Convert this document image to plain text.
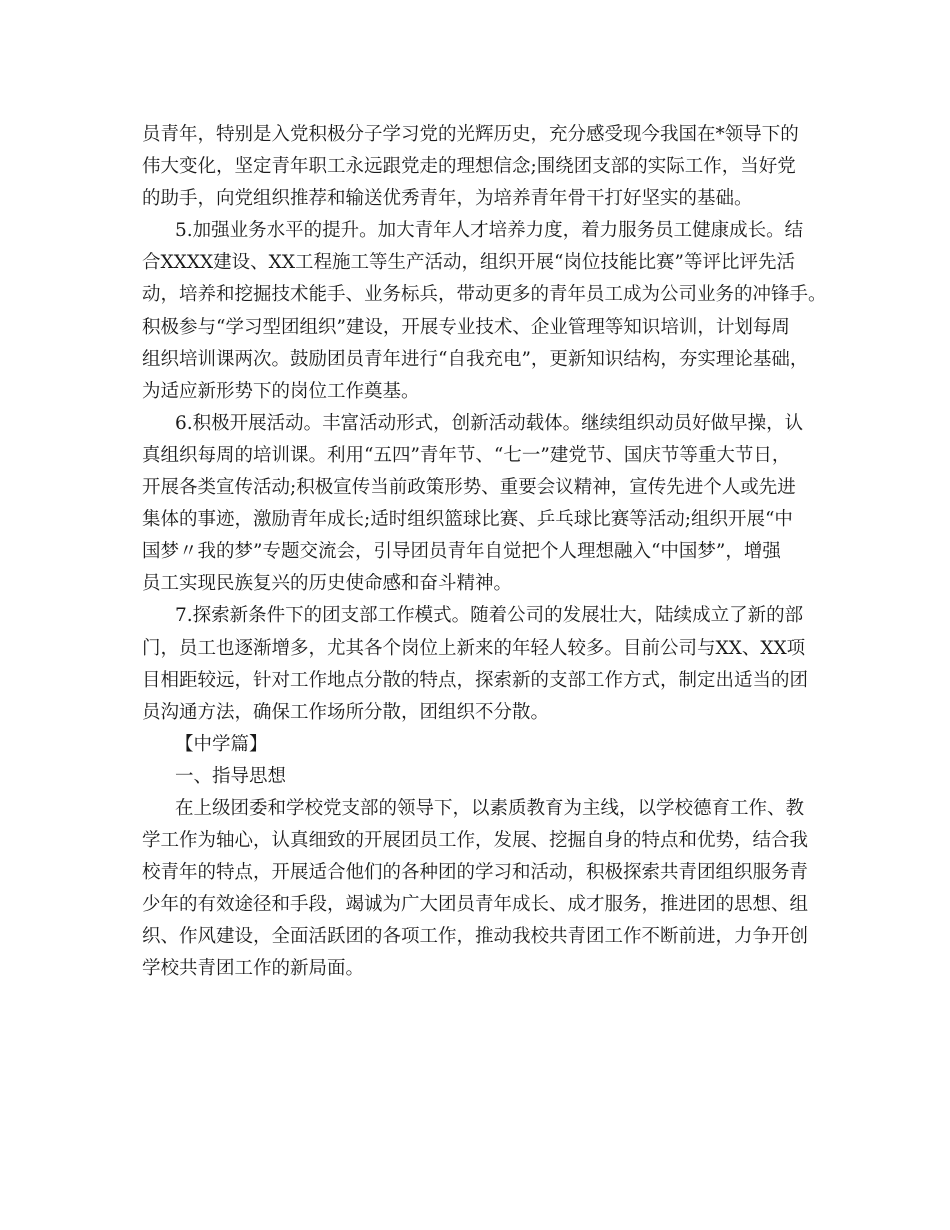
员青年，特别是入党积极分子学习党的光辉历史，充分感受现今我国在*领导下的
伟大变化，坚定青年职工永远跟党走的理想信念;围绕团支部的实际工作，当好党
的助手，向党组织推荐和输送优秀青年，为培养青年骨干打好坚实的基础。
5.加强业务水平的提升。加大青年人才培养力度，着力服务员工健康成长。结
合XXXX建设、XX工程施工等生产活动，组织开展“岗位技能比赛”等评比评先活
动，培养和挖掘技术能手、业务标兵，带动更多的青年员工成为公司业务的冲锋手。
积极参与“学习型团组织”建设，开展专业技术、企业管理等知识培训，计划每周
组织培训课两次。鼓励团员青年进行“自我充电”，更新知识结构，夯实理论基础，
为适应新形势下的岗位工作奠基。
6.积极开展活动。丰富活动形式，创新活动载体。继续组织动员好做早操，认
真组织每周的培训课。利用“五四”青年节、“七一”建党节、国庆节等重大节日，
开展各类宣传活动;积极宣传当前政策形势、重要会议精神，宣传先进个人或先进
集体的事迹，激励青年成长;适时组织篮球比赛、乒乓球比赛等活动;组织开展“中
国梦〃我的梦”专题交流会，引导团员青年自觉把个人理想融入“中国梦”，增强
员工实现民族复兴的历史使命感和奋斗精神。
7.探索新条件下的团支部工作模式。随着公司的发展壮大，陆续成立了新的部
门，员工也逐渐增多，尤其各个岗位上新来的年轻人较多。目前公司与XX、XX项
目相距较远，针对工作地点分散的特点，探索新的支部工作方式，制定出适当的团
员沟通方法，确保工作场所分散，团组织不分散。
【中学篇】
一、指导思想
在上级团委和学校党支部的领导下，以素质教育为主线，以学校德育工作、教
学工作为轴心，认真细致的开展团员工作，发展、挖掘自身的特点和优势，结合我
校青年的特点，开展适合他们的各种团的学习和活动，积极探索共青团组织服务青
少年的有效途径和手段，竭诚为广大团员青年成长、成才服务，推进团的思想、组
织、作风建设，全面活跃团的各项工作，推动我校共青团工作不断前进，力争开创
学校共青团工作的新局面。
